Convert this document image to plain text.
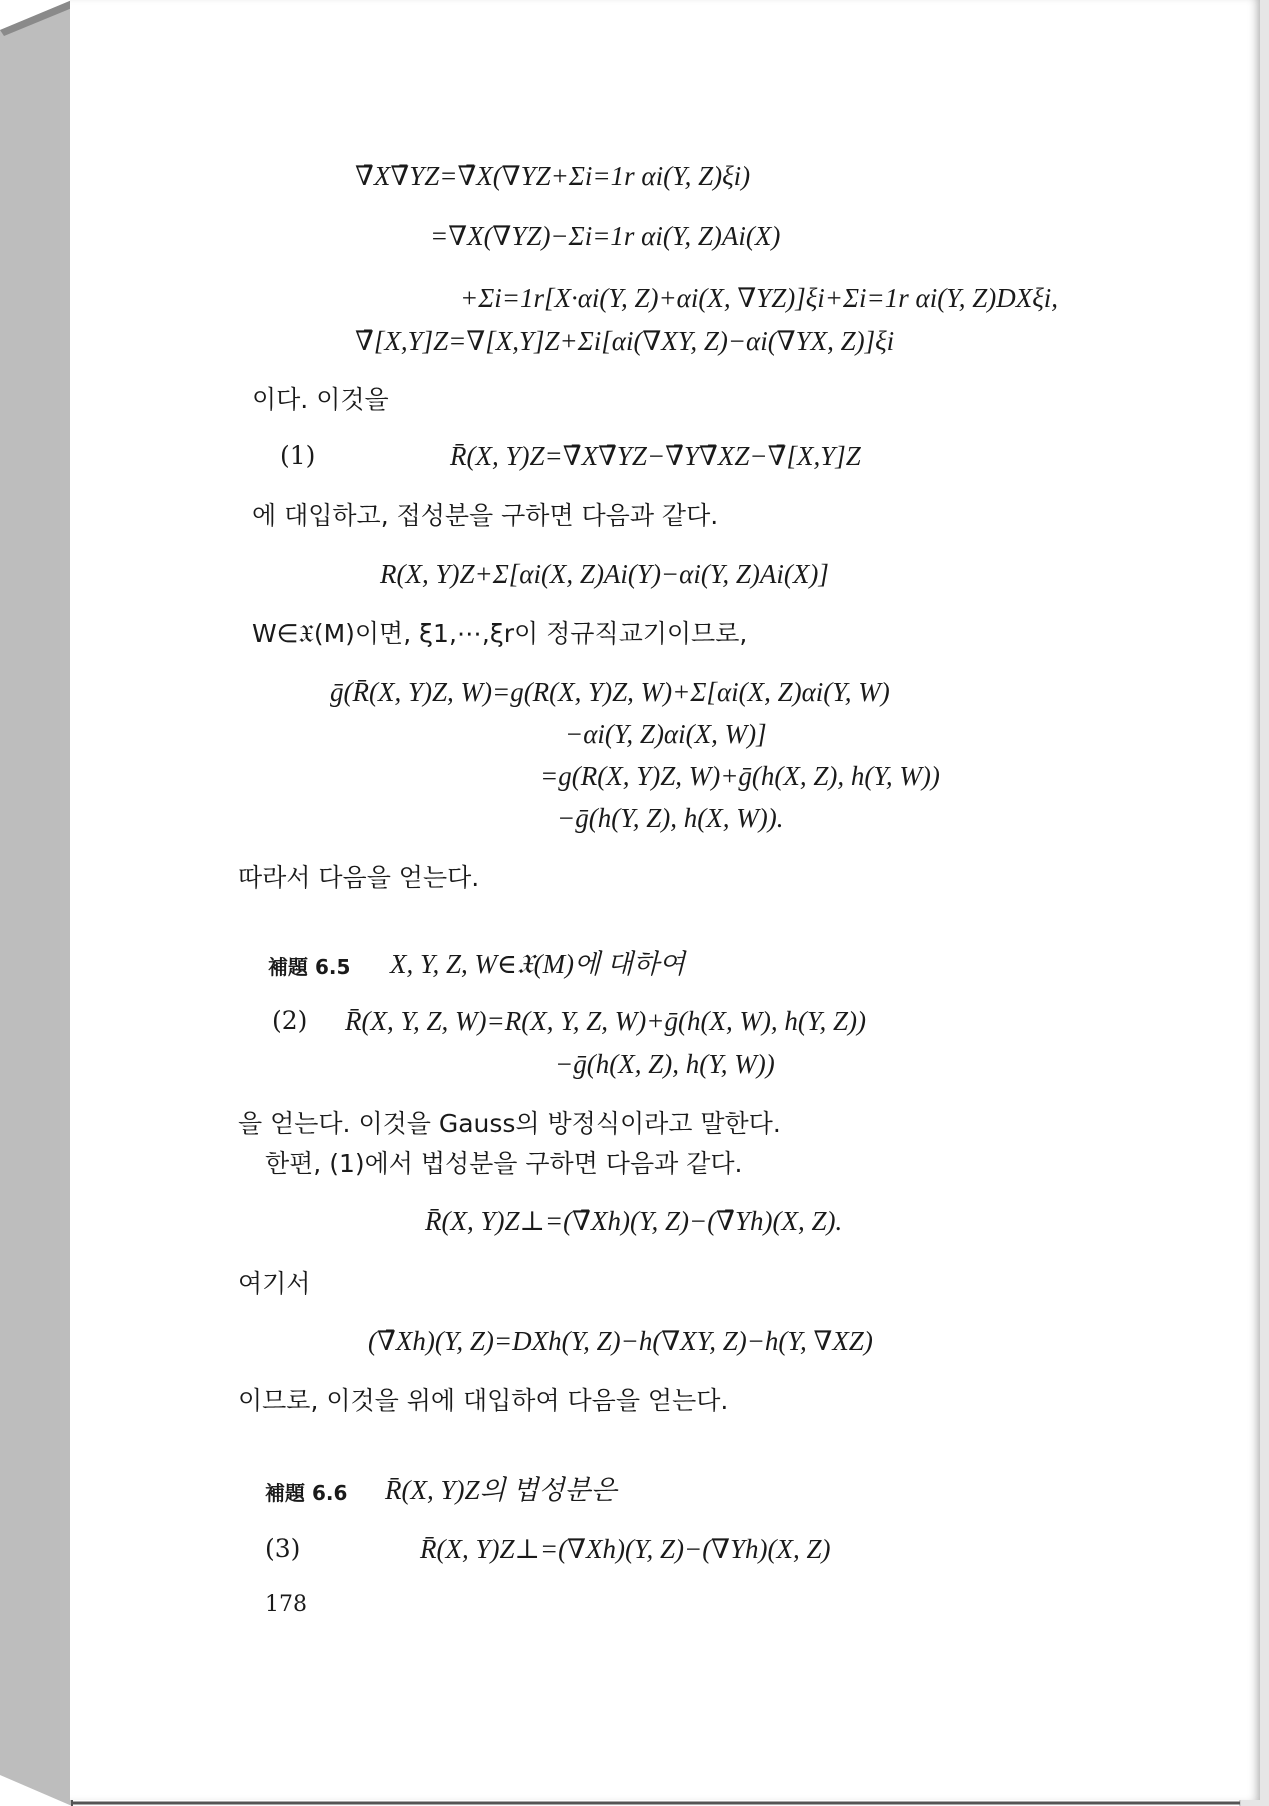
∇̄X∇̄YZ=∇̄X(∇YZ+Σi=1r αi(Y, Z)ξi)
=∇X(∇YZ)−Σi=1r αi(Y, Z)Ai(X)
+Σi=1r[X·αi(Y, Z)+αi(X, ∇YZ)]ξi+Σi=1r αi(Y, Z)DXξi,
∇̄[X,Y]Z=∇[X,Y]Z+Σi[αi(∇XY, Z)−αi(∇YX, Z)]ξi
이다. 이것을
(1)	R̄(X, Y)Z=∇̄X∇̄YZ−∇̄Y∇̄XZ−∇̄[X,Y]Z
에 대입하고, 접성분을 구하면 다음과 같다.
R(X, Y)Z+Σ[αi(X, Z)Ai(Y)−αi(Y, Z)Ai(X)]
W∈𝔛(M)이면, ξ1,⋯,ξr이 정규직교기이므로,
ḡ(R̄(X, Y)Z, W)=g(R(X, Y)Z, W)+Σ[αi(X, Z)αi(Y, W)
−αi(Y, Z)αi(X, W)]
=g(R(X, Y)Z, W)+ḡ(h(X, Z), h(Y, W))
−ḡ(h(Y, Z), h(X, W)).
따라서 다음을 얻는다.
補題 6.5 X, Y, Z, W∈𝔛(M)에 대하여
(2) R̄(X, Y, Z, W)=R(X, Y, Z, W)+ḡ(h(X, W), h(Y, Z))
−ḡ(h(X, Z), h(Y, W))
을 얻는다. 이것을 Gauss의 방정식이라고 말한다.
한편, (1)에서 법성분을 구하면 다음과 같다.
R̄(X, Y)Z⊥=(∇̄Xh)(Y, Z)−(∇̄Yh)(X, Z).
여기서
(∇̄Xh)(Y, Z)=DXh(Y, Z)−h(∇XY, Z)−h(Y, ∇XZ)
이므로, 이것을 위에 대입하여 다음을 얻는다.
補題 6.6 R̄(X, Y)Z의 법성분은
(3)	R̄(X, Y)Z⊥=(∇Xh)(Y, Z)−(∇Yh)(X, Z)
178
